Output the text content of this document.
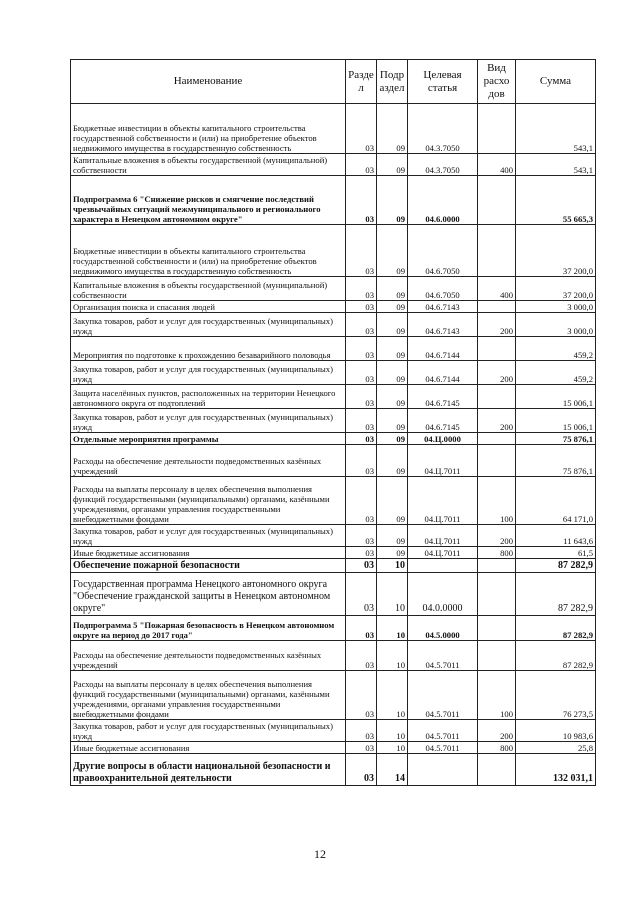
Наименование	Разде л	Подр аздел	Целевая статья	Вид расхо дов	Сумма
Бюджетные инвестиции в объекты капитального строительства государственной собственности и (или) на приобретение объектов недвижимого имущества в государственную собственность	03	09	04.3.7050		543,1
Капитальные вложения в объекты государственной (муниципальной) собственности	03	09	04.3.7050	400	543,1
Подпрограмма 6 "Снижение рисков и смягчение последствий чрезвычайных ситуаций межмуниципального и регионального характера в Ненецком автономном округе"	03	09	04.6.0000		55 665,3
Бюджетные инвестиции в объекты капитального строительства государственной собственности и (или) на приобретение объектов недвижимого имущества в государственную собственность	03	09	04.6.7050		37 200,0
Капитальные вложения в объекты государственной (муниципальной) собственности	03	09	04.6.7050	400	37 200,0
Организация поиска и спасания людей	03	09	04.6.7143		3 000,0
Закупка товаров, работ и услуг для государственных (муниципальных) нужд	03	09	04.6.7143	200	3 000,0
Мероприятия по подготовке к прохождению безаварийного половодья	03	09	04.6.7144		459,2
Закупка товаров, работ и услуг для государственных (муниципальных) нужд	03	09	04.6.7144	200	459,2
Защита населённых пунктов, расположенных на территории Ненецкого автономного округа от подтоплений	03	09	04.6.7145		15 006,1
Закупка товаров, работ и услуг для государственных (муниципальных) нужд	03	09	04.6.7145	200	15 006,1
Отдельные мероприятия программы	03	09	04.Ц.0000		75 876,1
Расходы на обеспечение деятельности подведомственных казённых учреждений	03	09	04.Ц.7011		75 876,1
Расходы на выплаты персоналу в целях обеспечения выполнения функций государственными (муниципальными) органами, казёнными учреждениями, органами управления государственными внебюджетными фондами	03	09	04.Ц.7011	100	64 171,0
Закупка товаров, работ и услуг для государственных (муниципальных) нужд	03	09	04.Ц.7011	200	11 643,6
Иные бюджетные ассигнования	03	09	04.Ц.7011	800	61,5
Обеспечение пожарной безопасности	03	10			87 282,9
Государственная программа Ненецкого автономного округа "Обеспечение гражданской защиты в Ненецком автономном округе"	03	10	04.0.0000		87 282,9
Подпрограмма 5 "Пожарная безопасность в Ненецком автономном округе на период до 2017 года"	03	10	04.5.0000		87 282,9
Расходы на обеспечение деятельности подведомственных казённых учреждений	03	10	04.5.7011		87 282,9
Расходы на выплаты персоналу в целях обеспечения выполнения функций государственными (муниципальными) органами, казёнными учреждениями, органами управления государственными внебюджетными фондами	03	10	04.5.7011	100	76 273,5
Закупка товаров, работ и услуг для государственных (муниципальных) нужд	03	10	04.5.7011	200	10 983,6
Иные бюджетные ассигнования	03	10	04.5.7011	800	25,8
Другие вопросы в области национальной безопасности и правоохранительной деятельности	03	14			132 031,1
12
